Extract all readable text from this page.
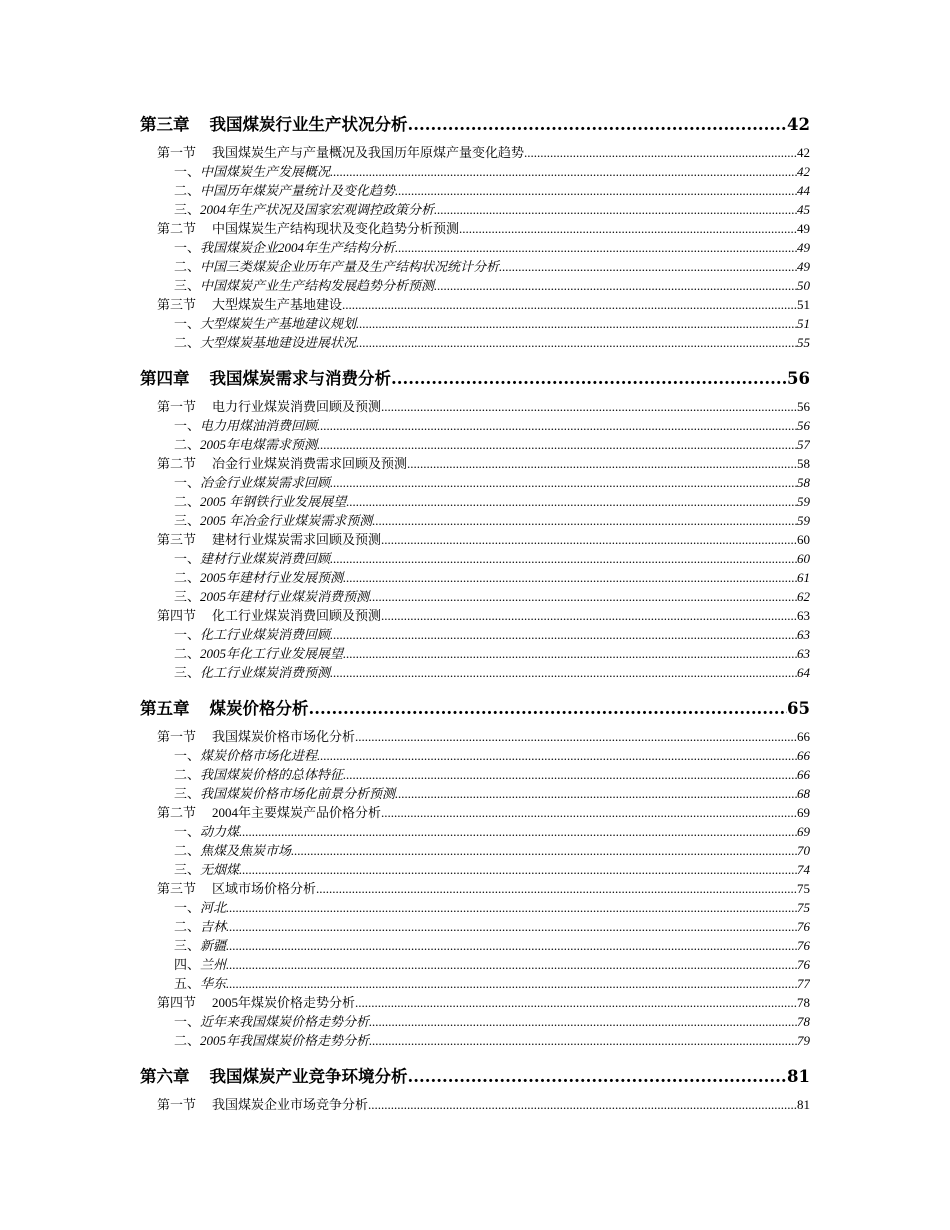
第三章 我国煤炭行业生产状况分析 .....	42
第一节 我国煤炭生产与产量概况及我国历年原煤产量变化趋势 .....	42
一、中国煤炭生产发展概况 .....	42
二、中国历年煤炭产量统计及变化趋势 .....	44
三、2004年生产状况及国家宏观调控政策分析 .....	45
第二节 中国煤炭生产结构现状及变化趋势分析预测 .....	49
一、我国煤炭企业2004年生产结构分析 .....	49
二、中国三类煤炭企业历年产量及生产结构状况统计分析 .....	49
三、中国煤炭产业生产结构发展趋势分析预测 .....	50
第三节 大型煤炭生产基地建设 .....	51
一、大型煤炭生产基地建议规划 .....	51
二、大型煤炭基地建设进展状况 .....	55
第四章 我国煤炭需求与消费分析 .....	56
第一节 电力行业煤炭消费回顾及预测 .....	56
一、电力用煤油消费回顾 .....	56
二、2005年电煤需求预测 .....	57
第二节 冶金行业煤炭消费需求回顾及预测 .....	58
一、冶金行业煤炭需求回顾 .....	58
二、2005 年钢铁行业发展展望 .....	59
三、2005 年冶金行业煤炭需求预测 .....	59
第三节 建材行业煤炭需求回顾及预测 .....	60
一、建材行业煤炭消费回顾 .....	60
二、2005年建材行业发展预测 .....	61
三、2005年建材行业煤炭消费预测 .....	62
第四节 化工行业煤炭消费回顾及预测 .....	63
一、化工行业煤炭消费回顾 .....	63
二、2005年化工行业发展展望 .....	63
三、化工行业煤炭消费预测 .....	64
第五章 煤炭价格分析 .....	65
第一节 我国煤炭价格市场化分析 .....	66
一、煤炭价格市场化进程 .....	66
二、我国煤炭价格的总体特征 .....	66
三、我国煤炭价格市场化前景分析预测 .....	68
第二节 2004年主要煤炭产品价格分析 .....	69
一、动力煤 .....	69
二、焦煤及焦炭市场 .....	70
三、无烟煤 .....	74
第三节 区域市场价格分析 .....	75
一、河北 .....	75
二、吉林 .....	76
三、新疆 .....	76
四、兰州 .....	76
五、华东 .....	77
第四节 2005年煤炭价格走势分析 .....	78
一、近年来我国煤炭价格走势分析 .....	78
二、2005年我国煤炭价格走势分析 .....	79
第六章 我国煤炭产业竞争环境分析 .....	81
第一节 我国煤炭企业市场竞争分析 .....	81
